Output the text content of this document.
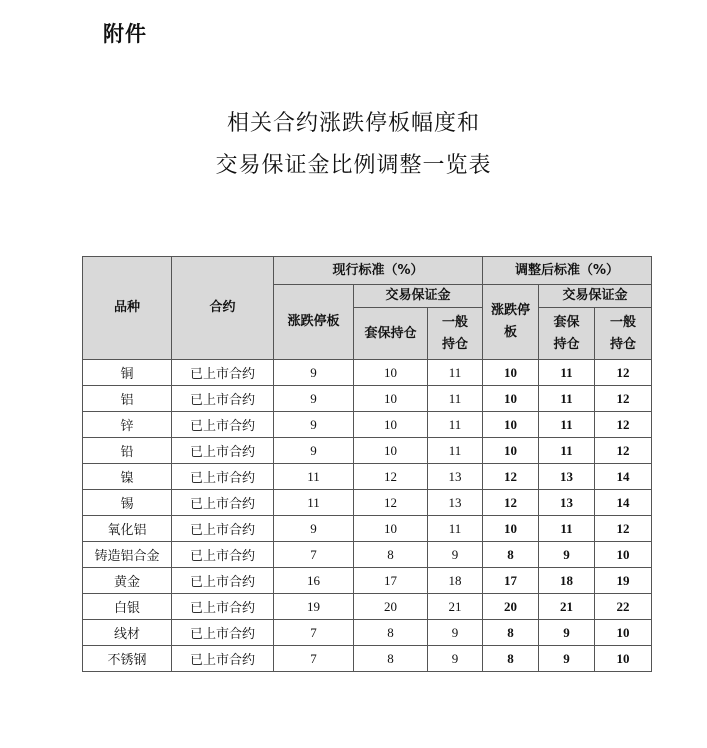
附件
相关合约涨跌停板幅度和
交易保证金比例调整一览表
品种	合约	现行标准（%）			调整后标准（%）		
		涨跌停板	交易保证金		涨跌停板	交易保证金	
			套保持仓	一般持仓		套保持仓	一般持仓
铜	已上市合约	9	10	11	10	11	12
铝	已上市合约	9	10	11	10	11	12
锌	已上市合约	9	10	11	10	11	12
铅	已上市合约	9	10	11	10	11	12
镍	已上市合约	11	12	13	12	13	14
锡	已上市合约	11	12	13	12	13	14
氧化铝	已上市合约	9	10	11	10	11	12
铸造铝合金	已上市合约	7	8	9	8	9	10
黄金	已上市合约	16	17	18	17	18	19
白银	已上市合约	19	20	21	20	21	22
线材	已上市合约	7	8	9	8	9	10
不锈钢	已上市合约	7	8	9	8	9	10
